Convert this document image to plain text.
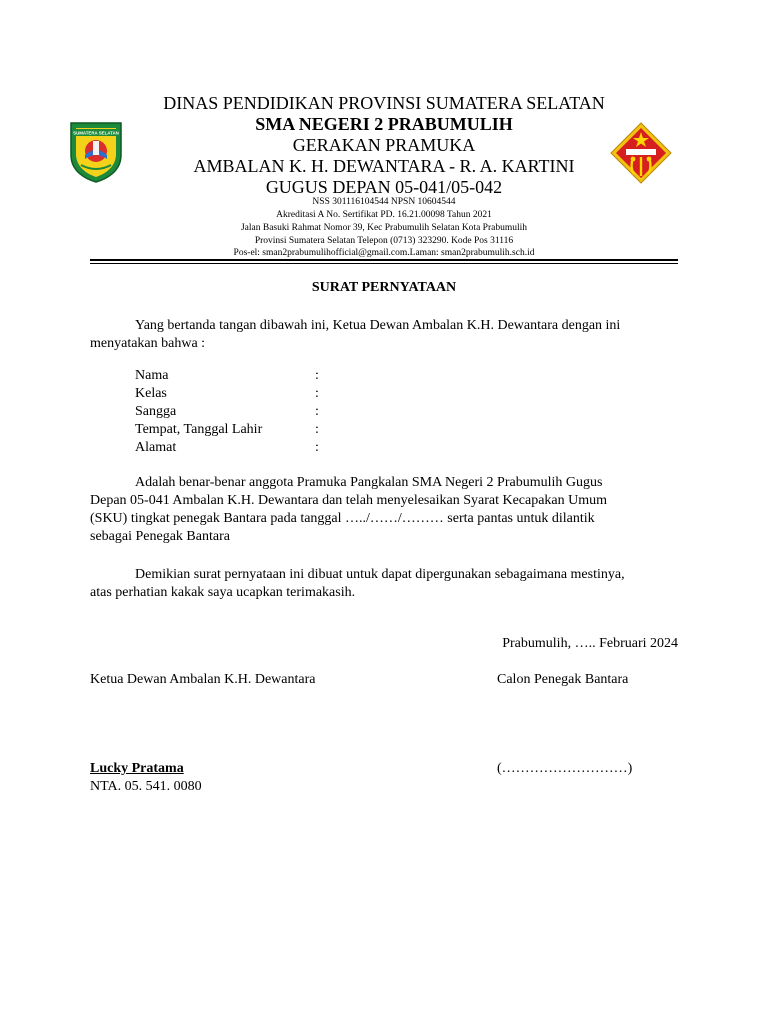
SUMATERA SELATAN
DINAS PENDIDIKAN PROVINSI SUMATERA SELATAN
SMA NEGERI 2 PRABUMULIH
GERAKAN PRAMUKA
AMBALAN K. H. DEWANTARA - R. A. KARTINI
GUGUS DEPAN 05-041/05-042
NSS 301116104544 NPSN 10604544
Akreditasi A No. Sertifikat PD. 16.21.00098 Tahun 2021
Jalan Basuki Rahmat Nomor 39, Kec Prabumulih Selatan Kota Prabumulih
Provinsi Sumatera Selatan Telepon (0713) 323290. Kode Pos 31116
Pos-el: sman2prabumulihofficial@gmail.com.Laman: sman2prabumulih.sch.id
SURAT PERNYATAAN
Yang bertanda tangan dibawah ini, Ketua Dewan Ambalan K.H. Dewantara dengan ini
menyatakan bahwa :
Nama	:
Kelas	:
Sangga	:
Tempat, Tanggal Lahir	:
Alamat	:
Adalah benar-benar anggota Pramuka Pangkalan SMA Negeri 2 Prabumulih Gugus
Depan 05-041 Ambalan K.H. Dewantara dan telah menyelesaikan Syarat Kecapakan Umum
(SKU) tingkat penegak Bantara pada tanggal …../……/……… serta pantas untuk dilantik
sebagai Penegak Bantara
Demikian surat pernyataan ini dibuat untuk dapat dipergunakan sebagaimana mestinya,
atas perhatian kakak saya ucapkan terimakasih.
Prabumulih, ….. Februari 2024
Ketua Dewan Ambalan K.H. Dewantara	Calon Penegak Bantara
Lucky Pratama
NTA. 05. 541. 0080
(………………………)
